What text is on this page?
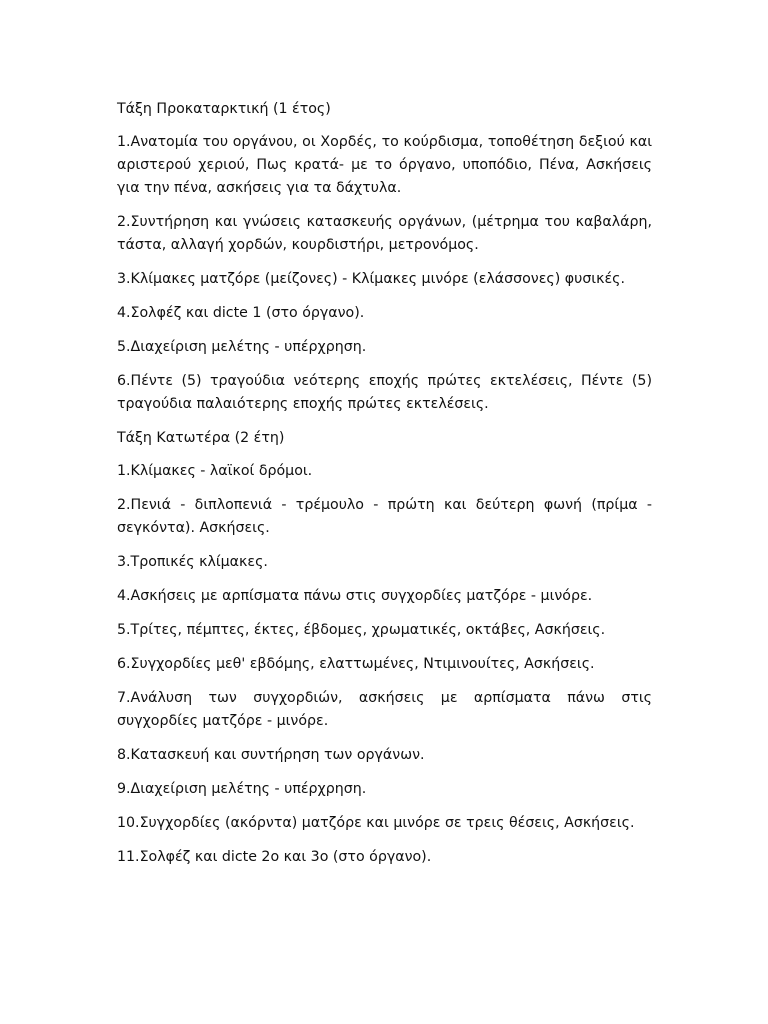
Τάξη Προκαταρκτική (1 έτος)

1.Ανατομία του οργάνου, οι Χορδές, το κούρδισμα, τοποθέτηση δεξιού και αριστερού χεριού, Πως κρατά- με το όργανο, υποπόδιο, Πένα, Ασκήσεις για την πένα, ασκήσεις για τα δάχτυλα.

2.Συντήρηση και γνώσεις κατασκευής οργάνων, (μέτρημα του καβαλάρη, τάστα, αλλαγή χορδών, κουρδιστήρι, μετρονόμος.

3.Κλίμακες ματζόρε (μείζονες) - Κλίμακες μινόρε (ελάσσονες) φυσικές.

4.Σολφέζ και dicte 1 (στο όργανο).

5.Διαχείριση μελέτης - υπέρχρηση.

6.Πέντε (5) τραγούδια νεότερης εποχής πρώτες εκτελέσεις, Πέντε (5) τραγούδια παλαιότερης εποχής πρώτες εκτελέσεις.

Τάξη Κατωτέρα (2 έτη)

1.Κλίμακες - λαϊκοί δρόμοι.

2.Πενιά - διπλοπενιά - τρέμουλο - πρώτη και δεύτερη φωνή (πρίμα - σεγκόντα). Ασκήσεις.

3.Τροπικές κλίμακες.

4.Ασκήσεις με αρπίσματα πάνω στις συγχορδίες ματζόρε - μινόρε.

5.Τρίτες, πέμπτες, έκτες, έβδομες, χρωματικές, οκτάβες, Ασκήσεις.

6.Συγχορδίες μεθ' εβδόμης, ελαττωμένες, Ντιμινουίτες, Ασκήσεις.

7.Ανάλυση των συγχορδιών, ασκήσεις με αρπίσματα πάνω στις συγχορδίες ματζόρε - μινόρε.

8.Κατασκευή και συντήρηση των οργάνων.

9.Διαχείριση μελέτης - υπέρχρηση.

10.Συγχορδίες (ακόρντα) ματζόρε και μινόρε σε τρεις θέσεις, Ασκήσεις.

11.Σολφέζ και dicte 2ο και 3ο (στο όργανο).
